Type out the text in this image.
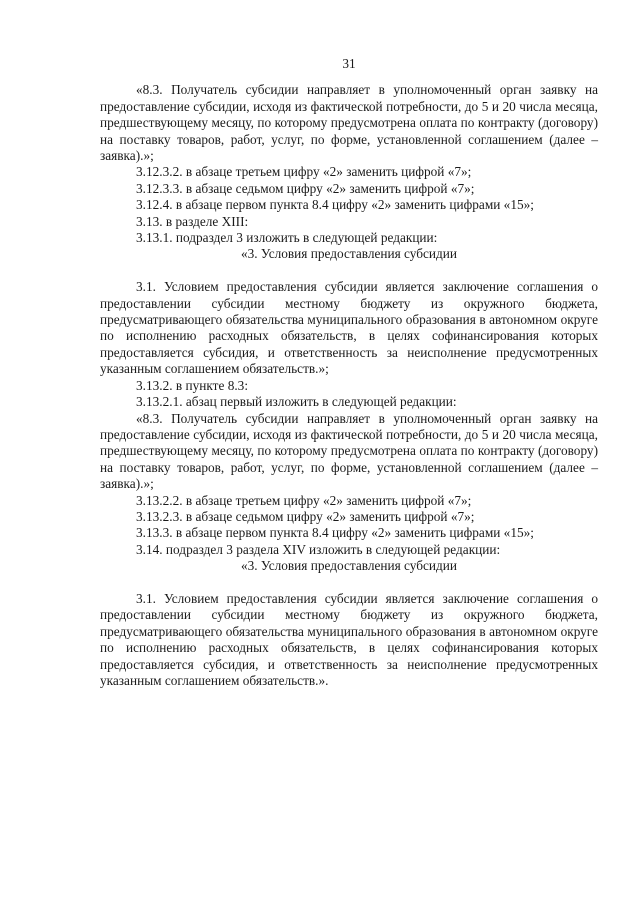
31

«8.3. Получатель субсидии направляет в уполномоченный орган заявку на предоставление субсидии, исходя из фактической потребности, до 5 и 20 числа месяца, предшествующему месяцу, по которому предусмотрена оплата по контракту (договору) на поставку товаров, работ, услуг, по форме, установленной соглашением (далее – заявка).»;

3.12.3.2. в абзаце третьем цифру «2» заменить цифрой «7»;

3.12.3.3. в абзаце седьмом цифру «2» заменить цифрой «7»;

3.12.4. в абзаце первом пункта 8.4 цифру «2» заменить цифрами «15»;

3.13. в разделе XIII:

3.13.1. подраздел 3 изложить в следующей редакции:

«3. Условия предоставления субсидии

3.1. Условием предоставления субсидии является заключение соглашения о предоставлении субсидии местному бюджету из окружного бюджета, предусматривающего обязательства муниципального образования в автономном округе по исполнению расходных обязательств, в целях софинансирования которых предоставляется субсидия, и ответственность за неисполнение предусмотренных указанным соглашением обязательств.»;

3.13.2. в пункте 8.3:

3.13.2.1. абзац первый изложить в следующей редакции:

«8.3. Получатель субсидии направляет в уполномоченный орган заявку на предоставление субсидии, исходя из фактической потребности, до 5 и 20 числа месяца, предшествующему месяцу, по которому предусмотрена оплата по контракту (договору) на поставку товаров, работ, услуг, по форме, установленной соглашением (далее – заявка).»;

3.13.2.2. в абзаце третьем цифру «2» заменить цифрой «7»;

3.13.2.3. в абзаце седьмом цифру «2» заменить цифрой «7»;

3.13.3. в абзаце первом пункта 8.4 цифру «2» заменить цифрами «15»;

3.14. подраздел 3 раздела XIV изложить в следующей редакции:

«3. Условия предоставления субсидии

3.1. Условием предоставления субсидии является заключение соглашения о предоставлении субсидии местному бюджету из окружного бюджета, предусматривающего обязательства муниципального образования в автономном округе по исполнению расходных обязательств, в целях софинансирования которых предоставляется субсидия, и ответственность за неисполнение предусмотренных указанным соглашением обязательств.».
